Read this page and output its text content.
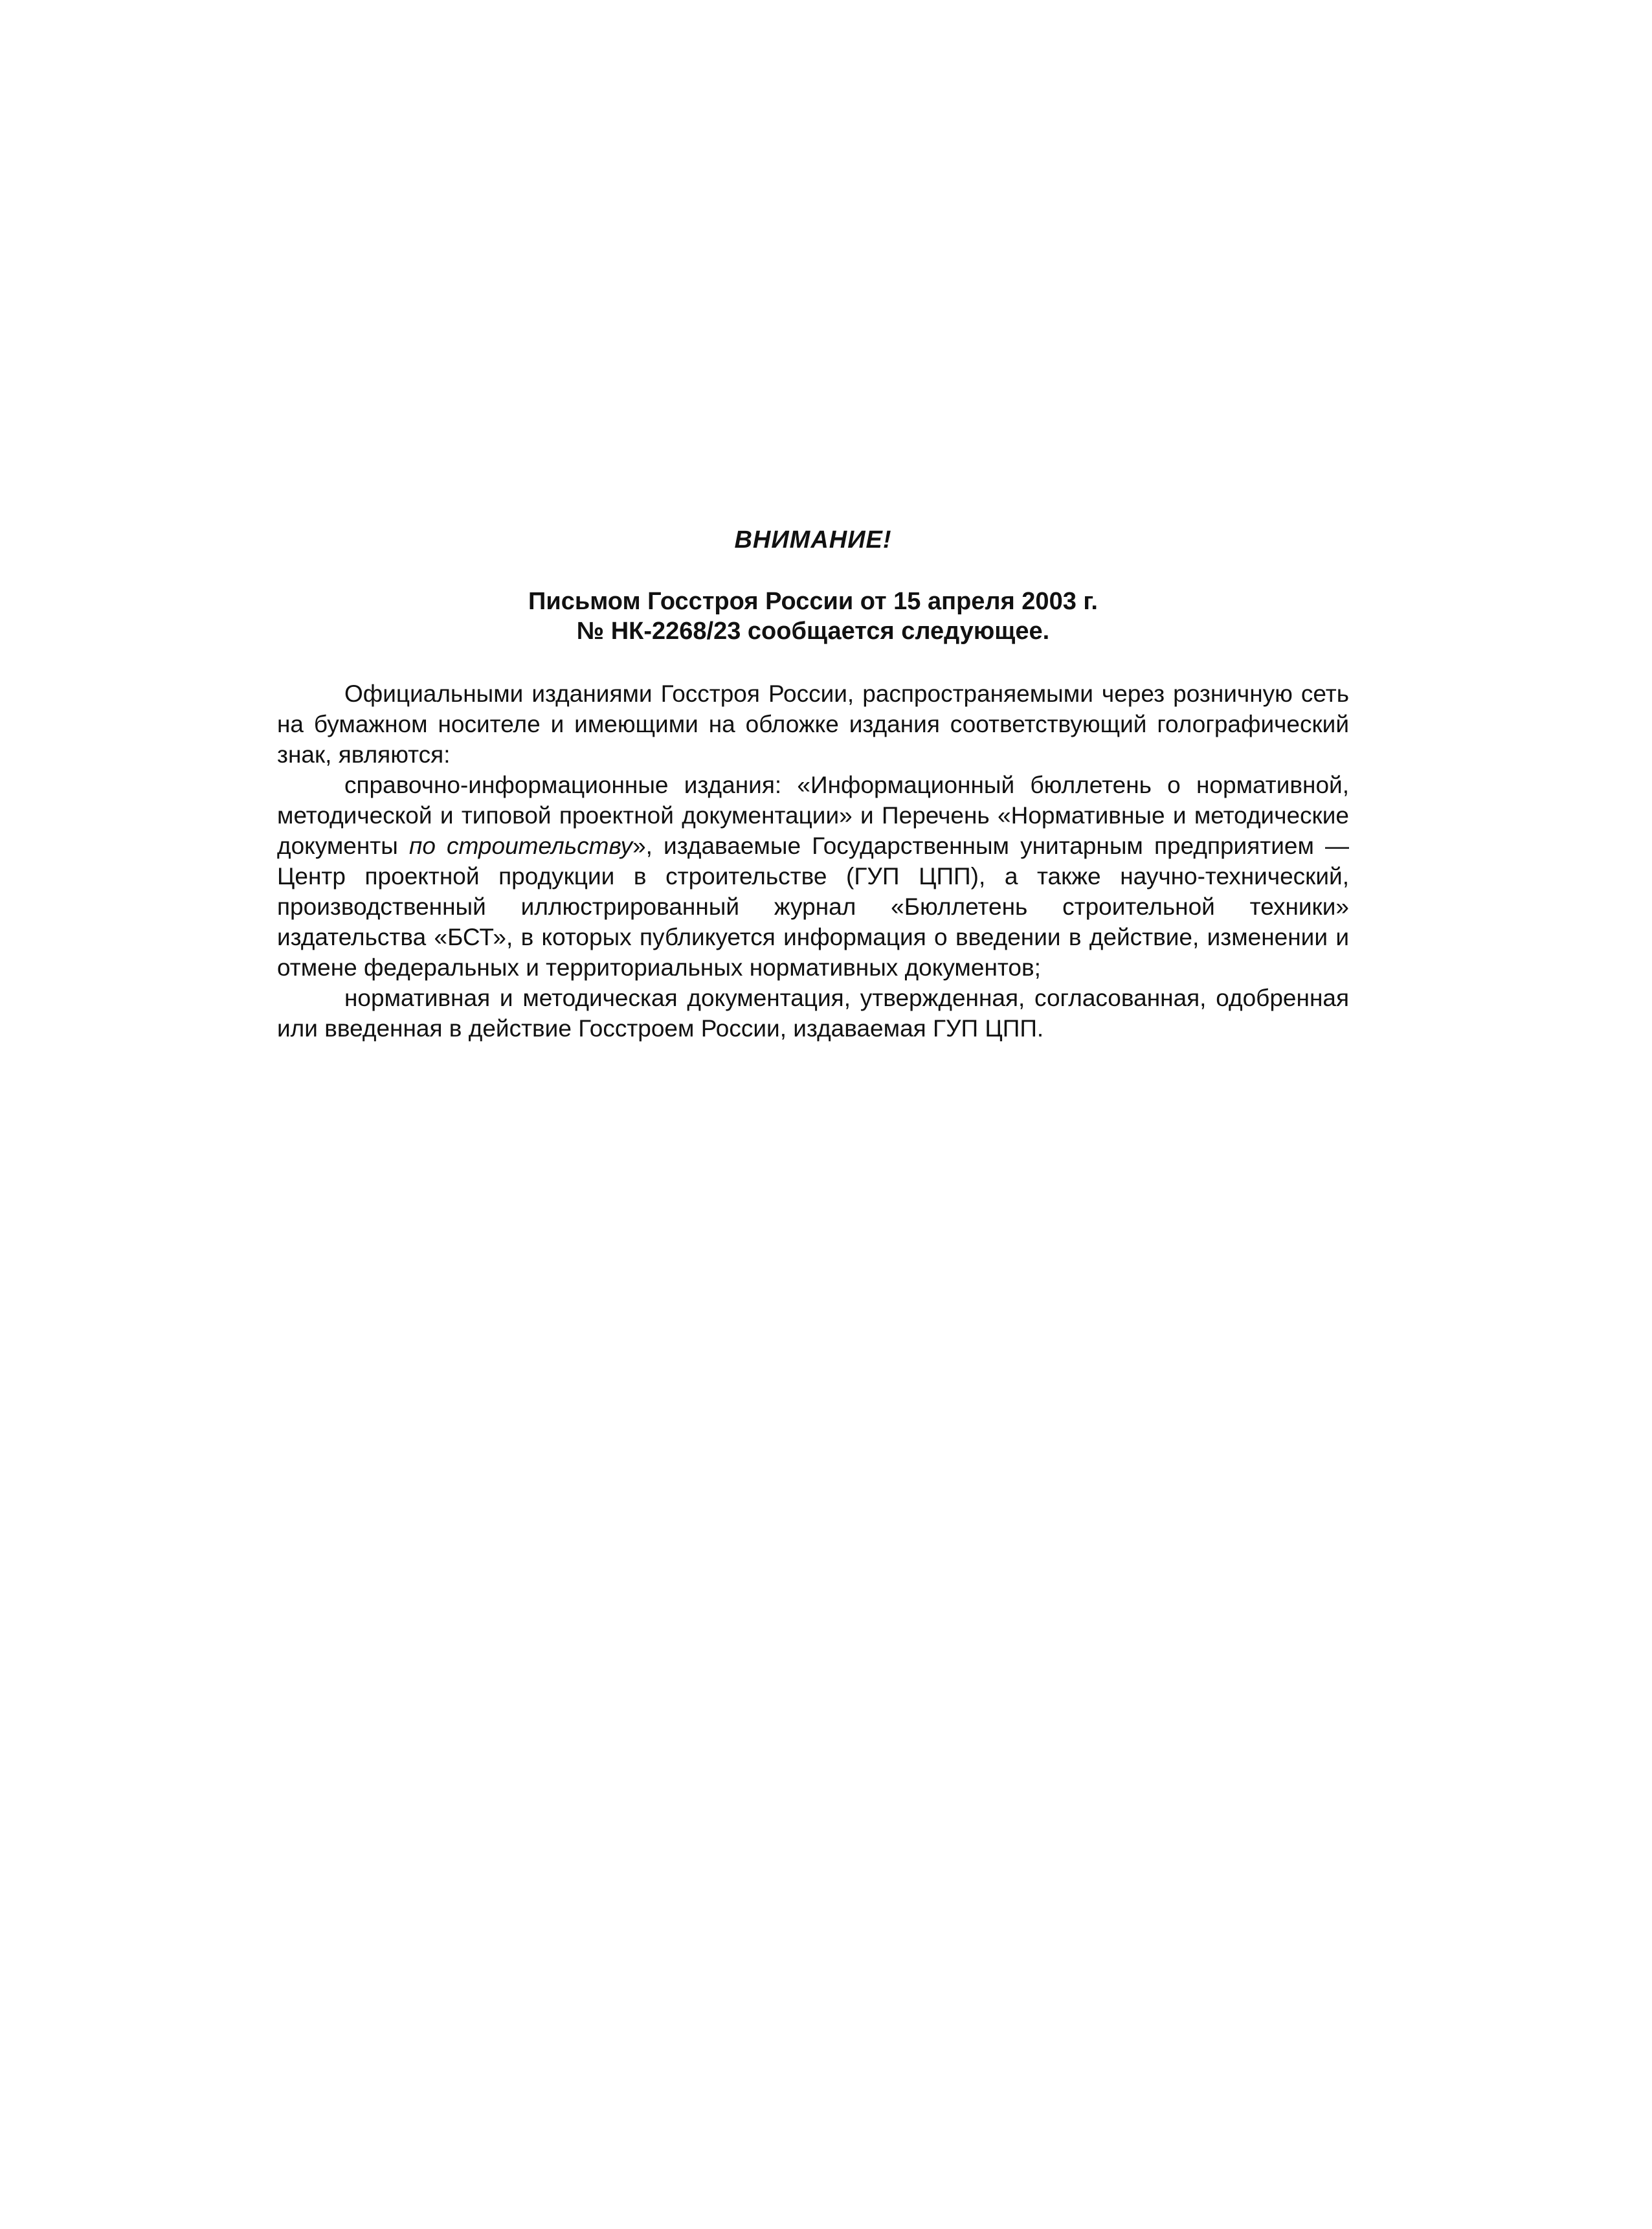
ВНИМАНИЕ!
Письмом Госстроя России от 15 апреля 2003 г.
№ НК-2268/23 сообщается следующее.

Официальными изданиями Госстроя России, распространяемыми через розничную сеть на бумажном носителе и имеющими на обложке издания соответствующий голографический знак, являются:

справочно-информационные издания: «Информационный бюллетень о нормативной, методической и типовой проектной документации» и Перечень «Нормативные и методические документы по строительству», издаваемые Государственным унитарным предприятием — Центр проектной продукции в строительстве (ГУП ЦПП), а также научно-технический, производственный иллюстрированный журнал «Бюллетень строительной техники» издательства «БСТ», в которых публикуется информация о введении в действие, изменении и отмене федеральных и территориальных нормативных документов;

нормативная и методическая документация, утвержденная, согласованная, одобренная или введенная в действие Госстроем России, издаваемая ГУП ЦПП.
